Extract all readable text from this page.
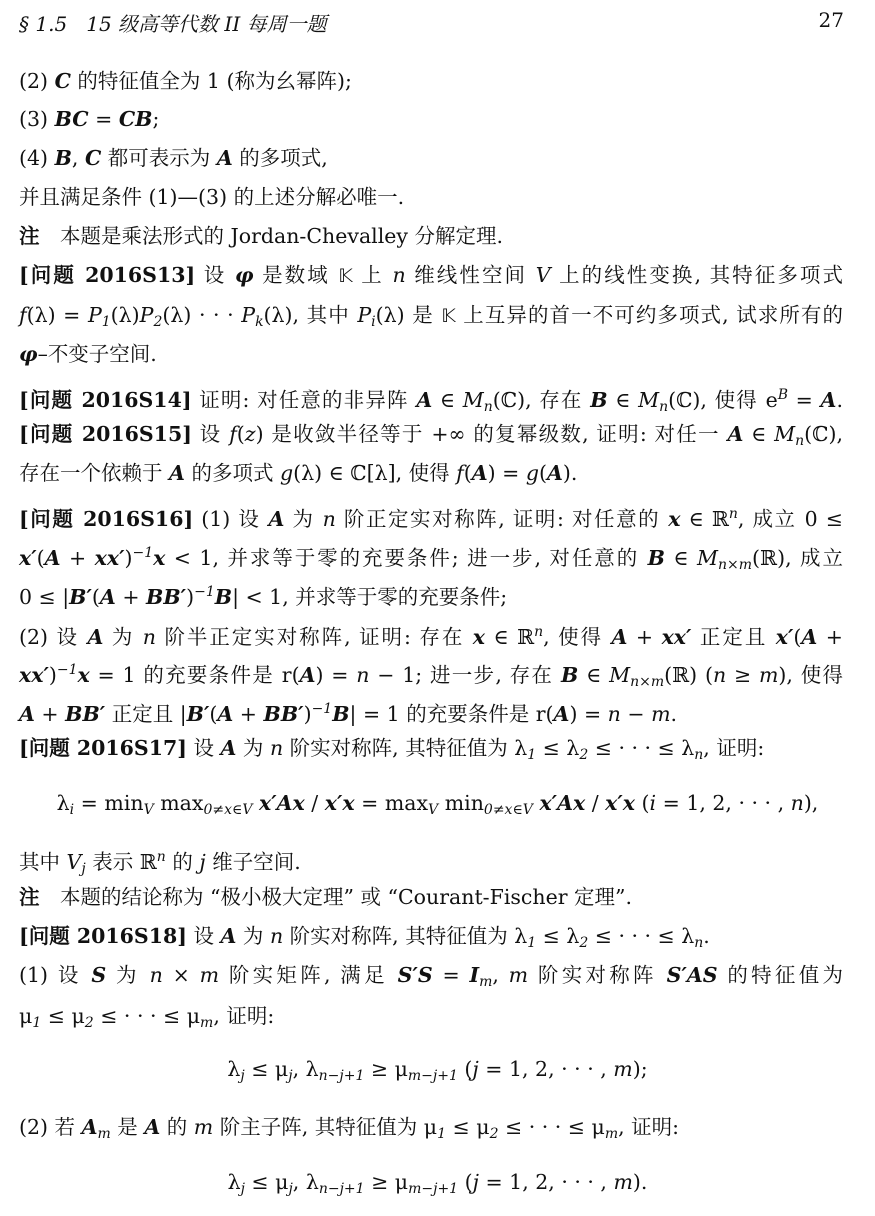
§ 1.5 15 级高等代数 II 每周一题	27
(2) C 的特征值全为 1 (称为幺幂阵);
(3) BC = CB;
(4) B, C 都可表示为 A 的多项式,
并且满足条件 (1)—(3) 的上述分解必唯一.
注　本题是乘法形式的 Jordan-Chevalley 分解定理.
[问题 2016S13] 设 φ 是数域 𝕂 上 n 维线性空间 V 上的线性变换, 其特征多项式
$f(\lambda) = P_1(\lambda)P_2(\lambda)$ · · · $P_k(\lambda)$, 其中 $P_i(\lambda)$ 是 𝕂 上互异的首一不可约多项式, 试求所有的
φ–不变子空间.
[问题 2016S14] 证明: 对任意的非异阵 A ∈ $M_n(ℂ)$, 存在 B ∈ $M_n(ℂ)$, 使得 $e^B = A$.
[问题 2016S15] 设 f(z) 是收敛半径等于 +∞ 的复幂级数, 证明: 对任一 A ∈ $M_n(ℂ)$,
存在一个依赖于 A 的多项式 g(λ) ∈ ℂ[λ], 使得 f(A) = g(A).
[问题 2016S16] (1) 设 A 为 n 阶正定实对称阵, 证明: 对任意的 x ∈ ℝ$^n$, 成立 0 ≤
$x'(A + xx')^{-1}x < 1$, 并求等于零的充要条件; 进一步, 对任意的 B ∈ $M_{n\times m}(ℝ)$, 成立
$0 \le |B'(A + BB')^{-1}B| < 1$, 并求等于零的充要条件;
(2) 设 A 为 n 阶半正定实对称阵, 证明: 存在 x ∈ ℝ$^n$, 使得 A + xx′ 正定且 x′(A +
xx′)$^{-1}$x = 1 的充要条件是 r(A) = n − 1; 进一步, 存在 B ∈ $M_{n\times m}(ℝ) (n \ge m)$, 使得
A + BB′ 正定且 $|B'(A + BB')^{-1}B| = 1$ 的充要条件是 r(A) = n − m.
[问题 2016S17] 设 A 为 n 阶实对称阵, 其特征值为 $\lambda_1 \le \lambda_2$ ≤ · · · ≤ $\lambda_n$, 证明:
$\lambda_i = \min_V \max_{0\ne x\in V} x'Ax / x'x = \max_V \min_{0\ne x\in V} x'Ax / x'x$ (i = 1, 2, · · · , n),
其中 $V_j$ 表示 ℝ$^n$ 的 j 维子空间.
注　本题的结论称为 “极小极大定理” 或 “Courant-Fischer 定理”.
[问题 2016S18] 设 A 为 n 阶实对称阵, 其特征值为 $\lambda_1 \le \lambda_2$ ≤ · · · ≤ $\lambda_n$.
(1) 设 S 为 n × m 阶实矩阵, 满足 $S'S = I_m$, m 阶实对称阵 S′AS 的特征值为
$\mu_1 \le \mu_2$ ≤ · · · ≤ $\mu_m$, 证明:
$\lambda_j \le \mu_j$, $\lambda_{n-j+1} \ge \mu_{m-j+1}$ (j = 1, 2, · · · , m);
(2) 若 $A_m$ 是 A 的 m 阶主子阵, 其特征值为 $\mu_1 \le \mu_2$ ≤ · · · ≤ $\mu_m$, 证明:
$\lambda_j \le \mu_j$, $\lambda_{n-j+1} \ge \mu_{m-j+1}$ (j = 1, 2, · · · , m).
